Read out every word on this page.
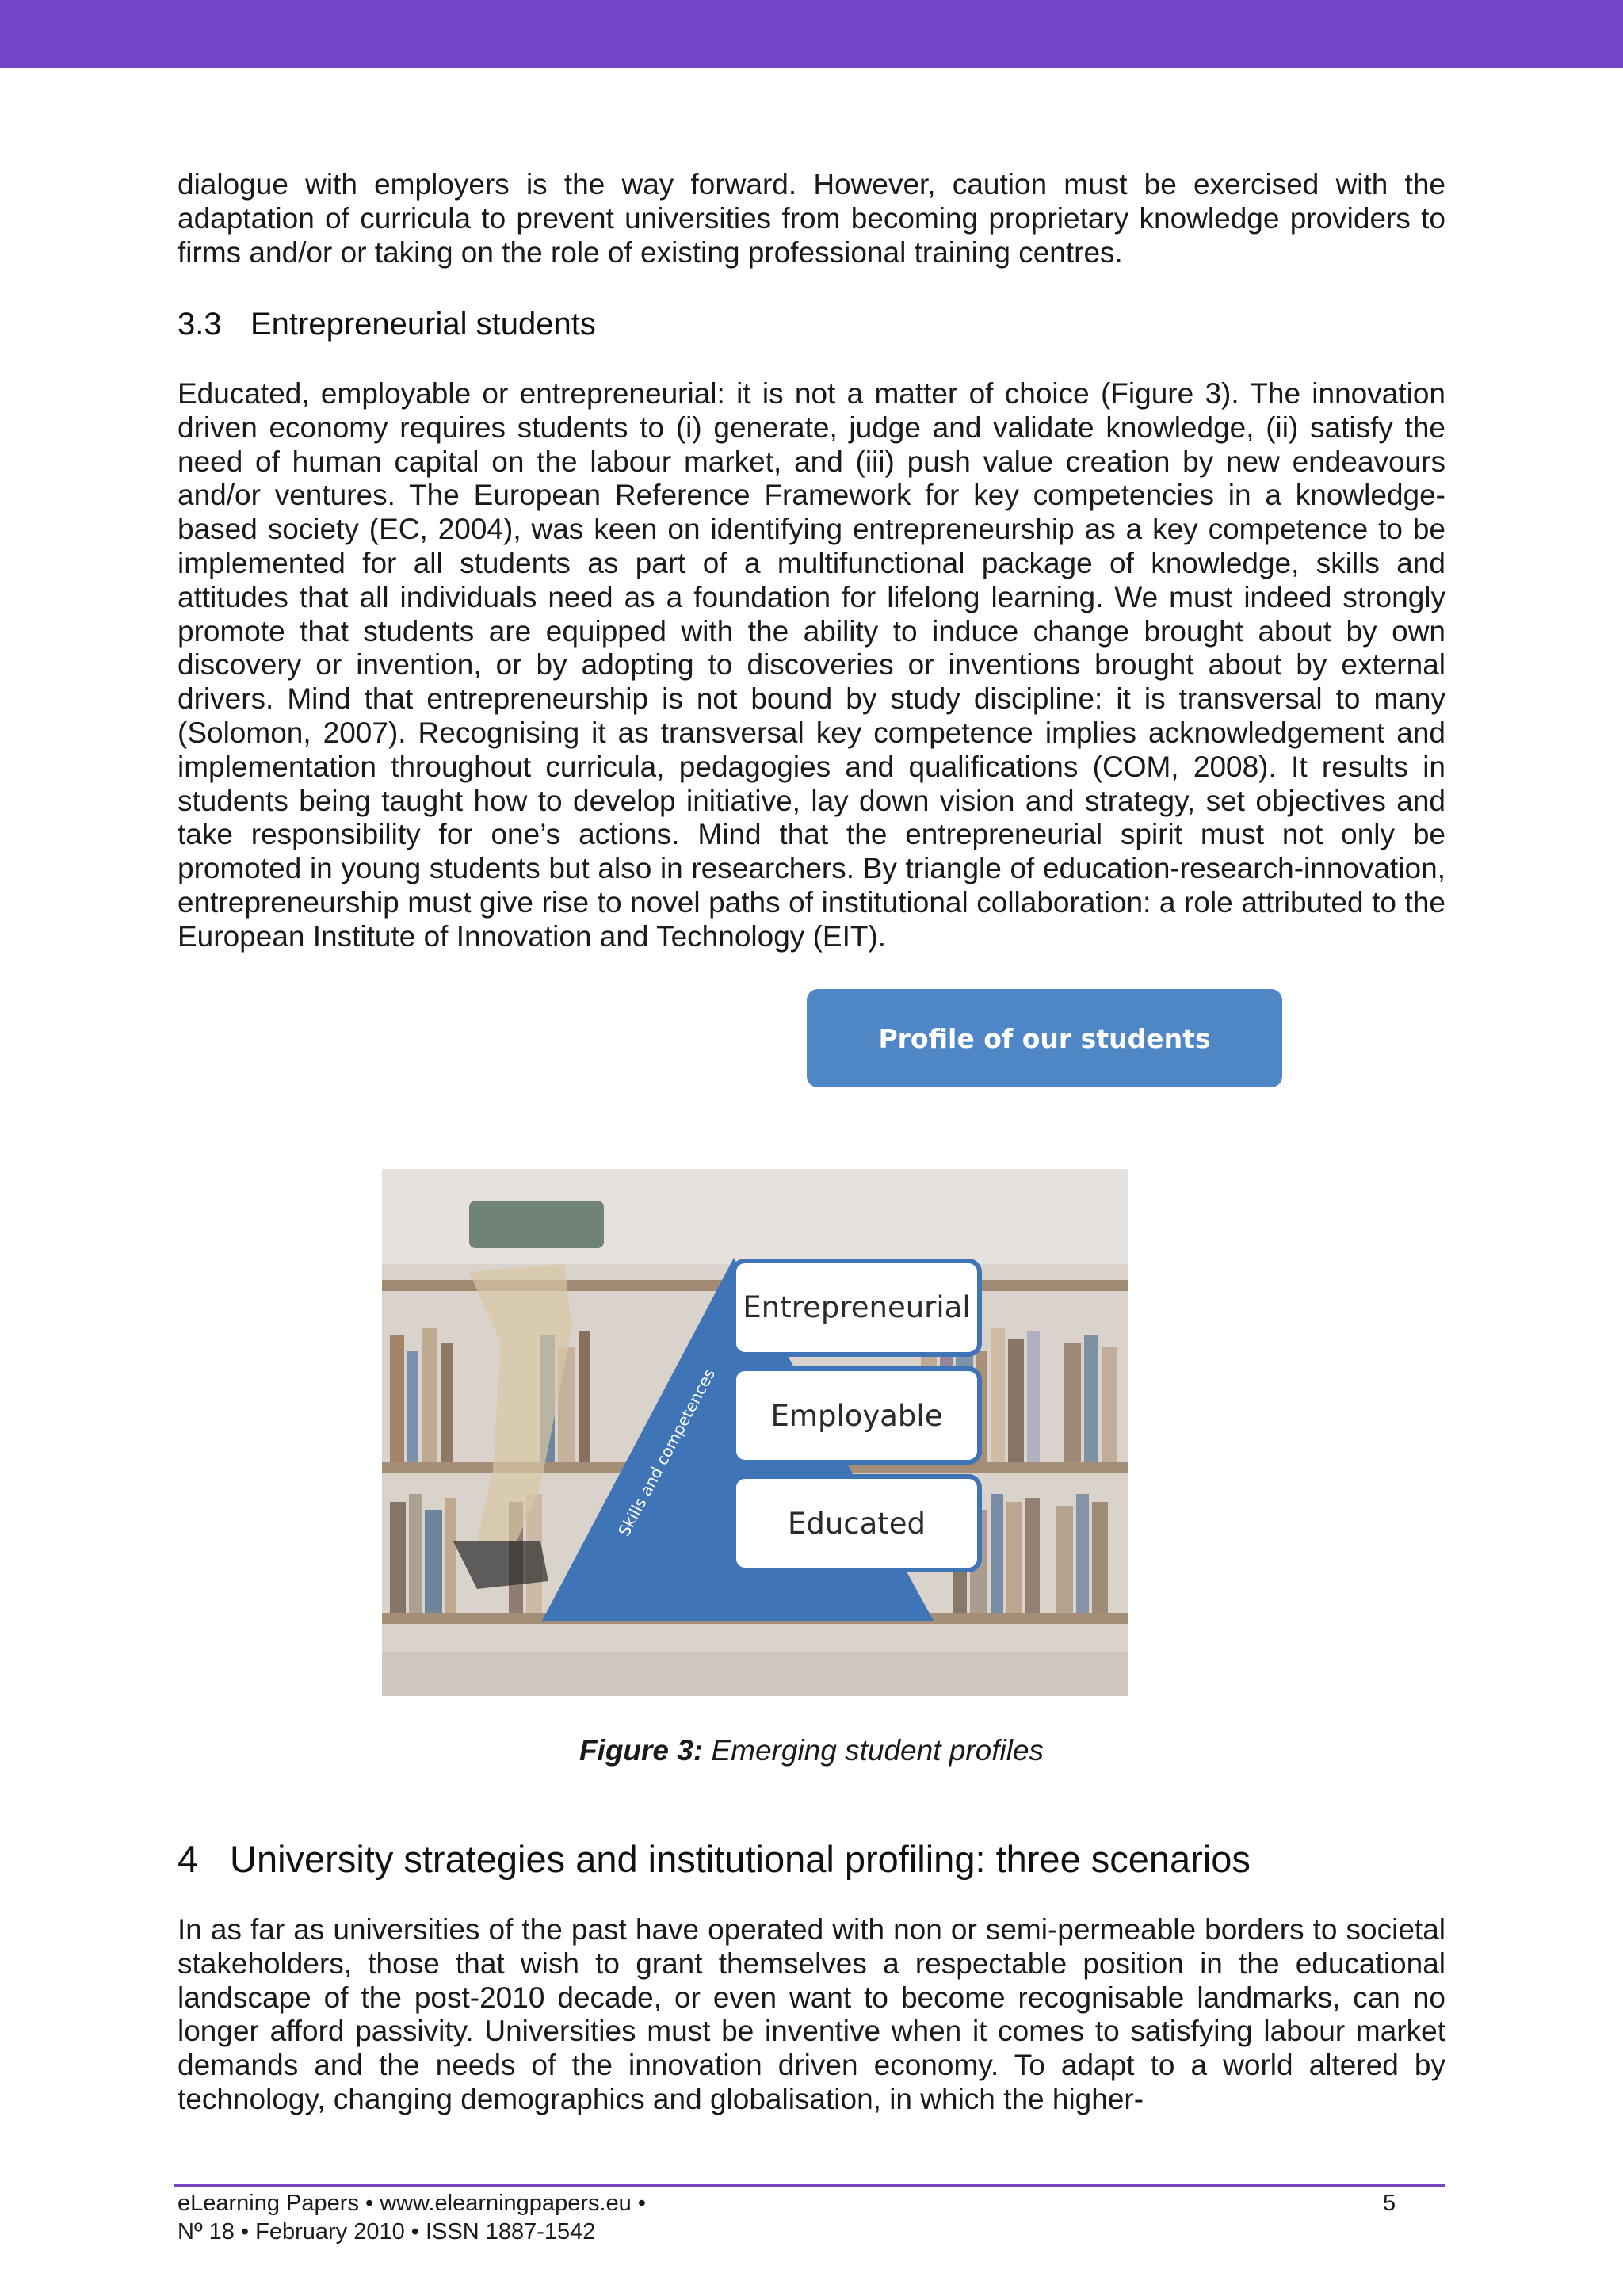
dialogue with employers is the way forward. However, caution must be exercised with the adaptation of curricula to prevent universities from becoming proprietary knowledge providers to firms and/or or taking on the role of existing professional training centres.

3.3 Entrepreneurial students

Educated, employable or entrepreneurial: it is not a matter of choice (Figure 3). The innovation driven economy requires students to (i) generate, judge and validate knowledge, (ii) satisfy the need of human capital on the labour market, and (iii) push value creation by new endeavours and/or ventures. The European Reference Framework for key competencies in a knowledge-based society (EC, 2004), was keen on identifying entrepreneurship as a key competence to be implemented for all students as part of a multifunctional package of knowledge, skills and attitudes that all individuals need as a foundation for lifelong learning. We must indeed strongly promote that students are equipped with the ability to induce change brought about by own discovery or invention, or by adopting to discoveries or inventions brought about by external drivers. Mind that entrepreneurship is not bound by study discipline: it is transversal to many (Solomon, 2007). Recognising it as transversal key competence implies acknowledgement and implementation throughout curricula, pedagogies and qualifications (COM, 2008). It results in students being taught how to develop initiative, lay down vision and strategy, set objectives and take responsibility for one’s actions. Mind that the entrepreneurial spirit must not only be promoted in young students but also in researchers. By triangle of education-research-innovation, entrepreneurship must give rise to novel paths of institutional collaboration: a role attributed to the European Institute of Innovation and Technology (EIT).

Profile of our students
Skills and competences
Entrepreneurial
Employable
Educated

Figure 3: Emerging student profiles

4 University strategies and institutional profiling: three scenarios

In as far as universities of the past have operated with non or semi-permeable borders to societal stakeholders, those that wish to grant themselves a respectable position in the educational landscape of the post-2010 decade, or even want to become recognisable landmarks, can no longer afford passivity. Universities must be inventive when it comes to satisfying labour market demands and the needs of the innovation driven economy. To adapt to a world altered by technology, changing demographics and globalisation, in which the higher-

eLearning Papers • www.elearningpapers.eu •
Nº 18 • February 2010 • ISSN 1887-1542
5
